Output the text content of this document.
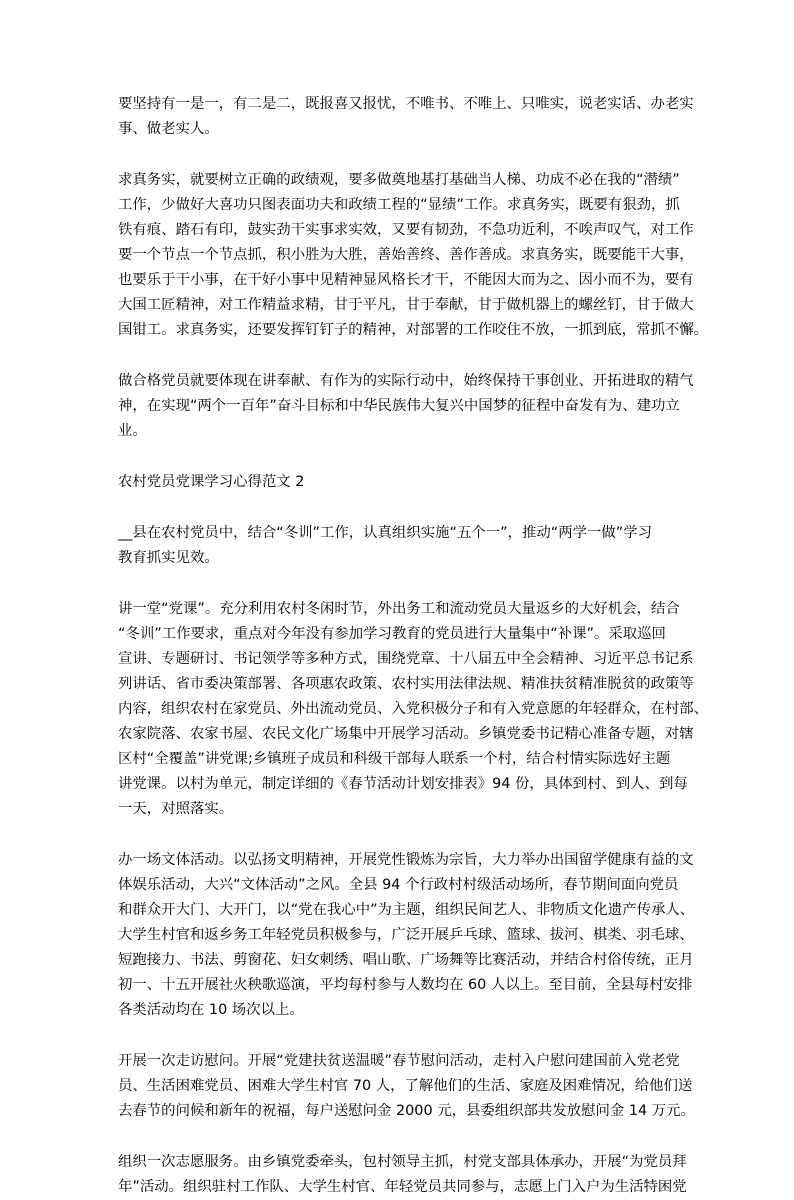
要坚持有一是一，有二是二，既报喜又报忧，不唯书、不唯上、只唯实，说老实话、办老实
事、做老实人。

求真务实，就要树立正确的政绩观，要多做奠地基打基础当人梯、功成不必在我的“潜绩”
工作，少做好大喜功只图表面功夫和政绩工程的“显绩”工作。求真务实，既要有狠劲，抓
铁有痕、踏石有印，鼓实劲干实事求实效，又要有韧劲，不急功近利，不唉声叹气，对工作
要一个节点一个节点抓，积小胜为大胜，善始善终、善作善成。求真务实，既要能干大事，
也要乐于干小事，在干好小事中见精神显风格长才干，不能因大而为之、因小而不为，要有
大国工匠精神，对工作精益求精，甘于平凡，甘于奉献，甘于做机器上的螺丝钉，甘于做大
国钳工。求真务实，还要发挥钉钉子的精神，对部署的工作咬住不放，一抓到底，常抓不懈。

做合格党员就要体现在讲奉献、有作为的实际行动中，始终保持干事创业、开拓进取的精气
神，在实现“两个一百年”奋斗目标和中华民族伟大复兴中国梦的征程中奋发有为、建功立
业。

农村党员党课学习心得范文 2

__县在农村党员中，结合“冬训”工作，认真组织实施“五个一”，推动“两学一做”学习
教育抓实见效。

讲一堂“党课”。充分利用农村冬闲时节，外出务工和流动党员大量返乡的大好机会，结合
“冬训”工作要求，重点对今年没有参加学习教育的党员进行大量集中“补课”。采取巡回
宣讲、专题研讨、书记领学等多种方式，围绕党章、十八届五中全会精神、习近平总书记系
列讲话、省市委决策部署、各项惠农政策、农村实用法律法规、精准扶贫精准脱贫的政策等
内容，组织农村在家党员、外出流动党员、入党积极分子和有入党意愿的年轻群众，在村部、
农家院落、农家书屋、农民文化广场集中开展学习活动。乡镇党委书记精心准备专题，对辖
区村“全覆盖”讲党课;乡镇班子成员和科级干部每人联系一个村，结合村情实际选好主题
讲党课。以村为单元，制定详细的《春节活动计划安排表》94 份，具体到村、到人、到每
一天，对照落实。

办一场文体活动。以弘扬文明精神，开展党性锻炼为宗旨，大力举办出国留学健康有益的文
体娱乐活动，大兴“文体活动”之风。全县 94 个行政村村级活动场所，春节期间面向党员
和群众开大门、大开门，以“党在我心中”为主题，组织民间艺人、非物质文化遗产传承人、
大学生村官和返乡务工年轻党员积极参与，广泛开展乒乓球、篮球、拔河、棋类、羽毛球、
短跑接力、书法、剪窗花、妇女刺绣、唱山歌、广场舞等比赛活动，并结合村俗传统，正月
初一、十五开展社火秧歌巡演，平均每村参与人数均在 60 人以上。至目前，全县每村安排
各类活动均在 10 场次以上。

开展一次走访慰问。开展“党建扶贫送温暖”春节慰问活动，走村入户慰问建国前入党老党
员、生活困难党员、困难大学生村官 70 人，了解他们的生活、家庭及困难情况，给他们送
去春节的问候和新年的祝福，每户送慰问金 2000 元，县委组织部共发放慰问金 14 万元。

组织一次志愿服务。由乡镇党委牵头，包村领导主抓，村党支部具体承办，开展“为党员拜
年”活动。组织驻村工作队、大学生村官、年轻党员共同参与，志愿上门入户为生活特困党
